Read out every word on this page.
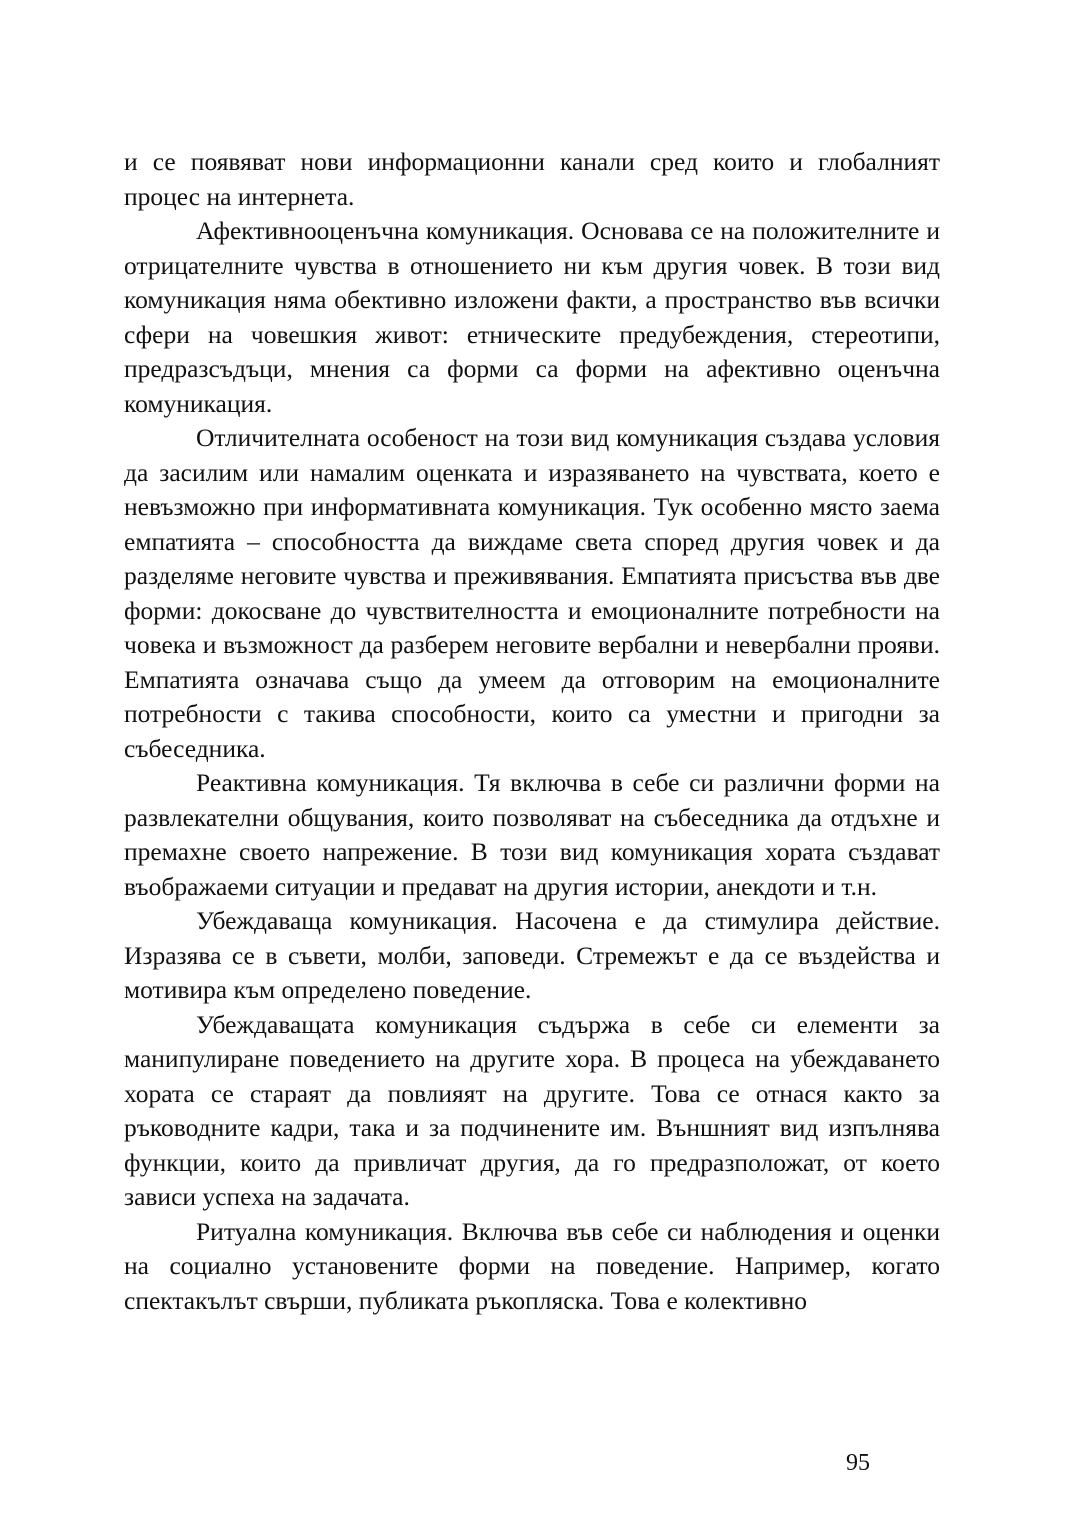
и се появяват нови информационни канали сред които и глобалният процес на интернета.

Афективнооценъчна комуникация. Основава се на положителните и отрицателните чувства в отношението ни към другия човек. В този вид комуникация няма обективно изложени факти, а пространство във всички сфери на човешкия живот: етническите предубеждения, стереотипи, предразсъдъци, мнения са форми са форми на афективно оценъчна комуникация.

Отличителната особеност на този вид комуникация създава условия да засилим или намалим оценката и изразяването на чувствата, което е невъзможно при информативната комуникация. Тук особенно място заема емпатията – способността да виждаме света според другия човек и да разделяме неговите чувства и преживявания. Емпатията присъства във две форми: докосване до чувствителността и емоционалните потребности на човека и възможност да разберем неговите вербални и невербални прояви. Емпатията означава също да умеем да отговорим на емоционалните потребности с такива способности, които са уместни и пригодни за събеседника.

Реактивна комуникация. Тя включва в себе си различни форми на развлекателни общувания, които позволяват на събеседника да отдъхне и премахне своето напрежение. В този вид комуникация хората създават въображаеми ситуации и предават на другия истории, анекдоти и т.н.

Убеждаваща комуникация. Насочена е да стимулира действие. Изразява се в съвети, молби, заповеди. Стремежът е да се въздейства и мотивира към определено поведение.

Убеждаващата комуникация съдържа в себе си елементи за манипулиране поведението на другите хора. В процеса на убеждаването хората се стараят да повлияят на другите. Това се отнася както за ръководните кадри, така и за подчинените им. Външният вид изпълнява функции, които да привличат другия, да го предразположат, от което зависи успеха на задачата.

Ритуална комуникация. Включва във себе си наблюдения и оценки на социално установените форми на поведение. Например, когато спектакълът свърши, публиката ръкопляска. Това е колективно

95
